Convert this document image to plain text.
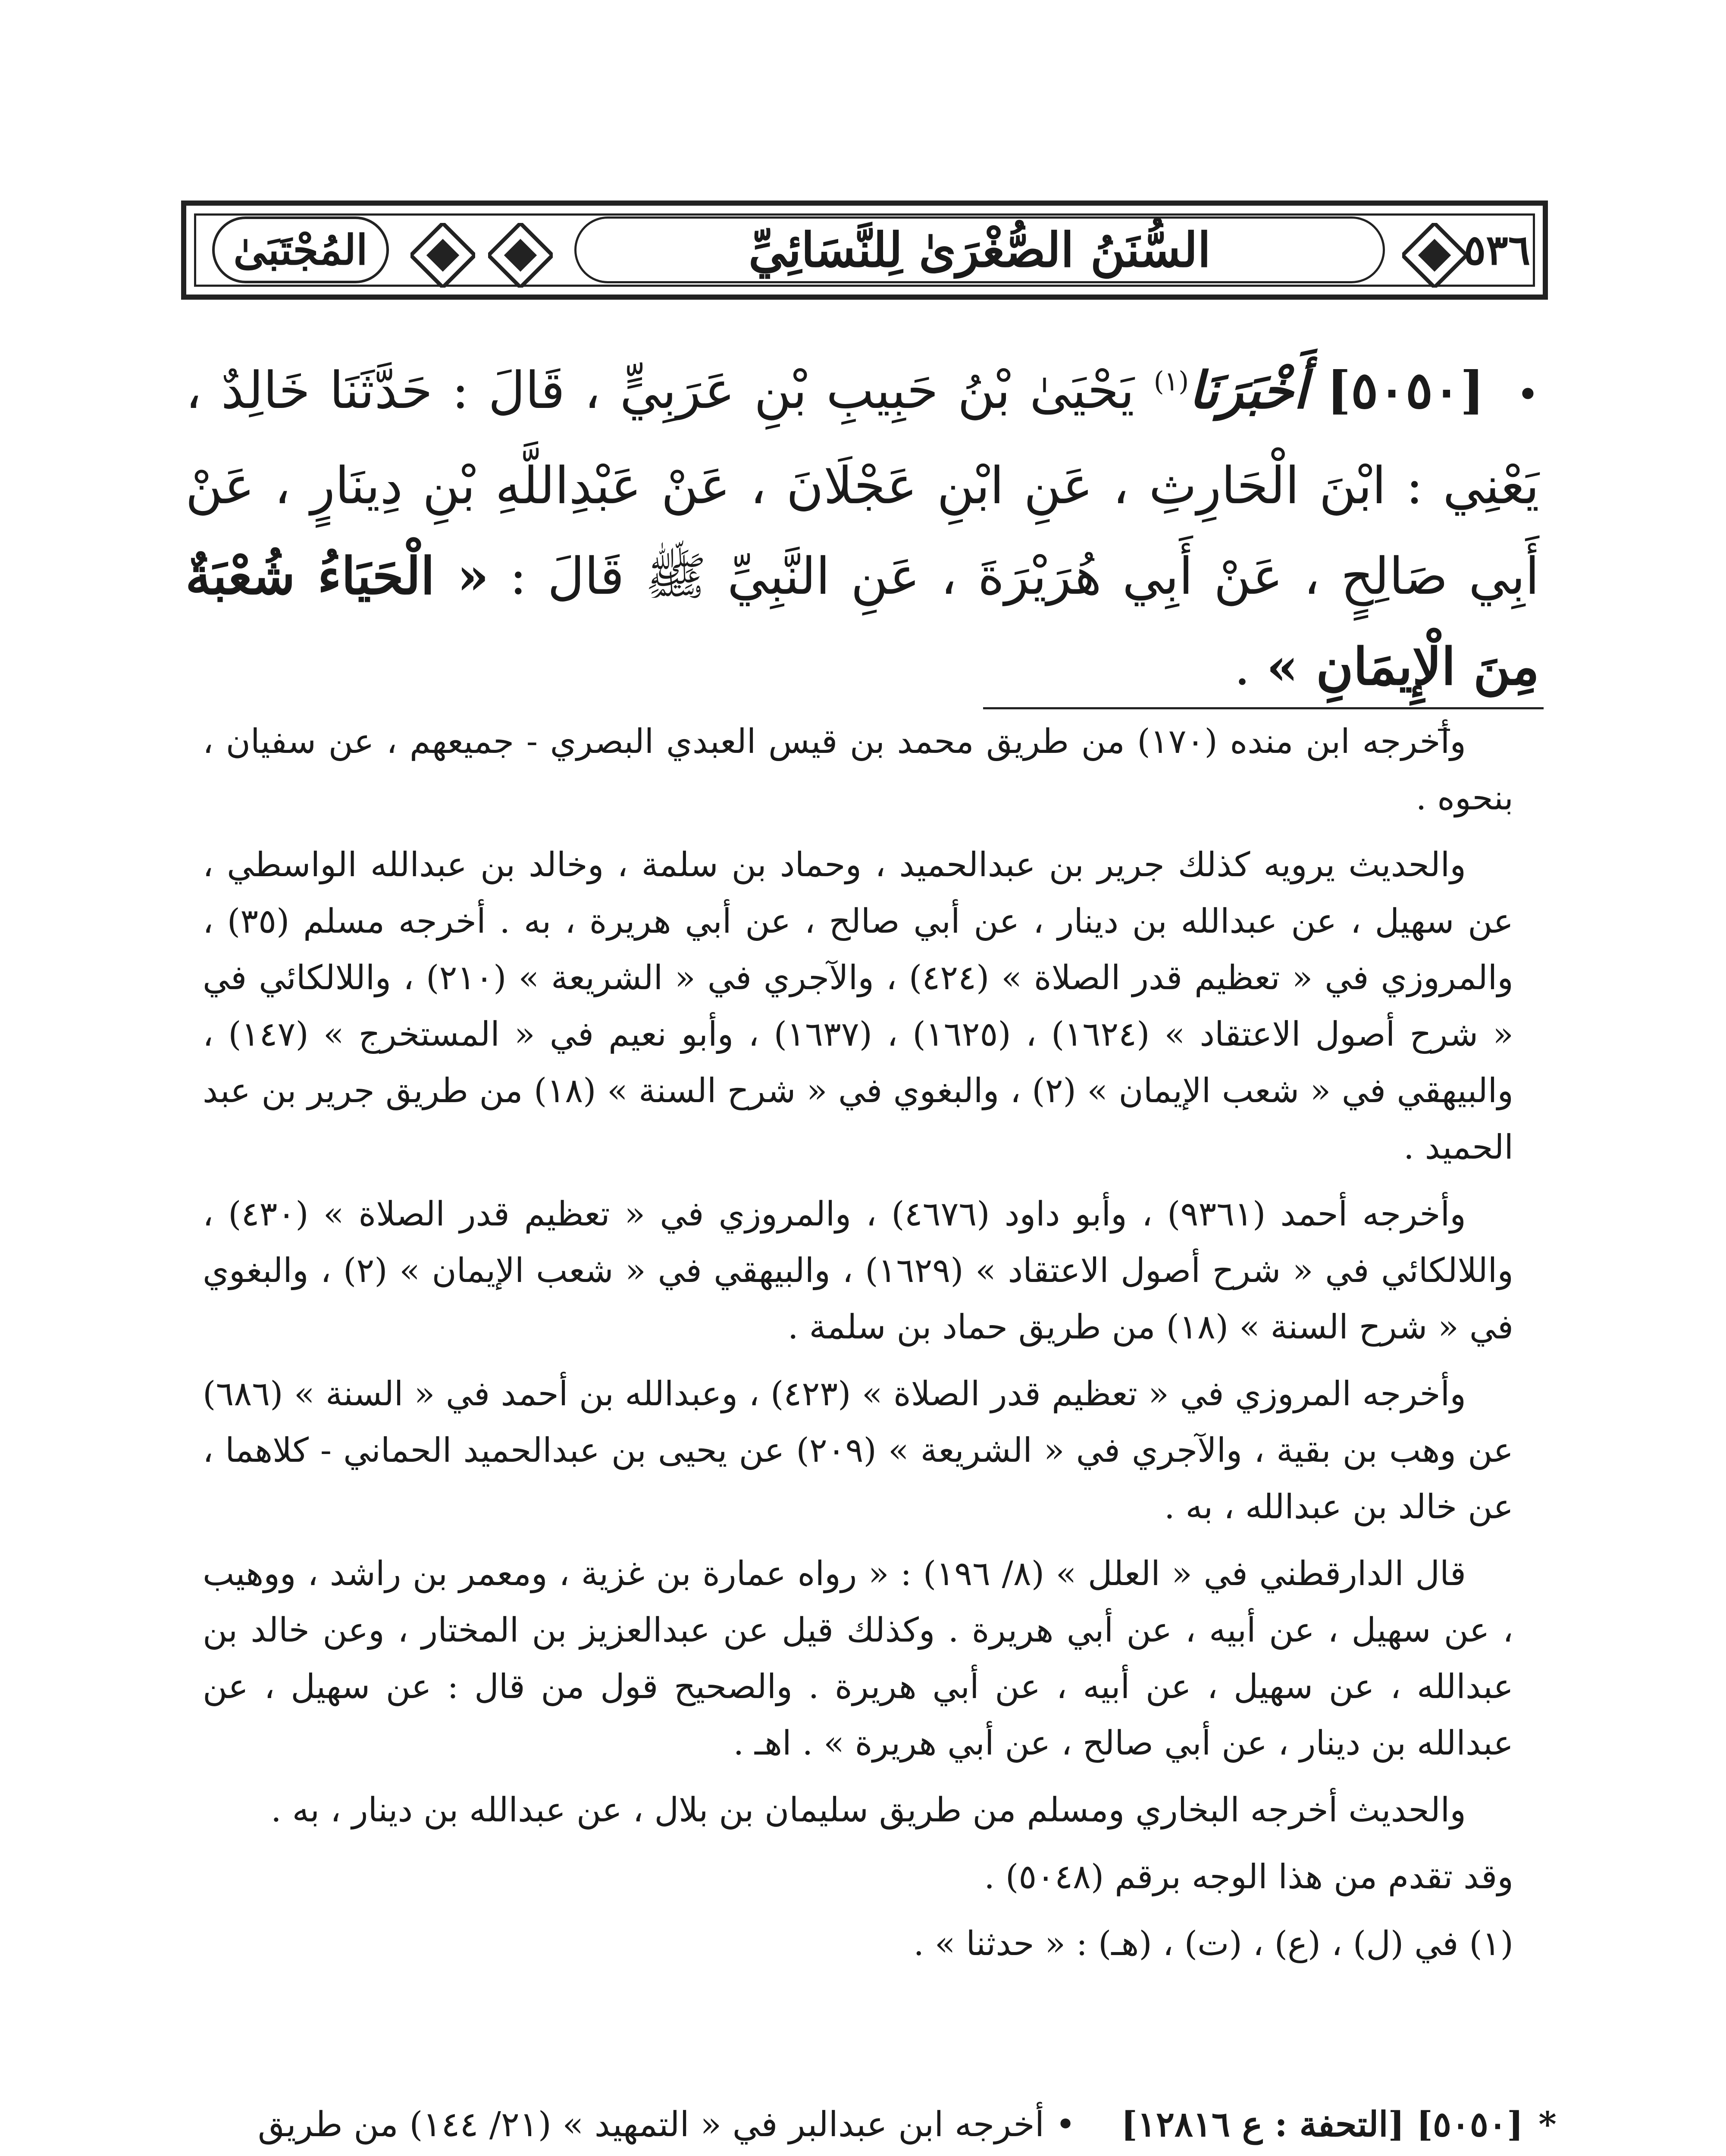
المُجْتَبَىٰ	السُّنَنُ الصُّغْرَىٰ لِلنَّسَائِيِّ	٥٣٦
• [٥٠٥٠] أَخْبَرَنَا$^{(١)}$ يَحْيَىٰ بْنُ حَبِيبِ بْنِ عَرَبِيٍّ ، قَالَ : حَدَّثَنَا خَالِدٌ ، يَعْنِي : ابْنَ الْحَارِثِ ، عَنِ ابْنِ عَجْلَانَ ، عَنْ عَبْدِاللَّهِ بْنِ دِينَارٍ ، عَنْ أَبِي صَالِحٍ ، عَنْ أَبِي هُرَيْرَةَ ، عَنِ النَّبِيِّ ﷺ قَالَ : « الْحَيَاءُ شُعْبَةٌ مِنَ الْإِيمَانِ » .

وأخرجه ابن منده (١٧٠) من طريق محمد بن قيس العبدي البصري - جميعهم ، عن سفيان ، بنحوه .

والحديث يرويه كذلك جرير بن عبدالحميد ، وحماد بن سلمة ، وخالد بن عبدالله الواسطي ، عن سهيل ، عن عبدالله بن دينار ، عن أبي صالح ، عن أبي هريرة ، به . أخرجه مسلم (٣٥) ، والمروزي في « تعظيم قدر الصلاة » (٤٢٤) ، والآجري في « الشريعة » (٢١٠) ، واللالكائي في « شرح أصول الاعتقاد » (١٦٢٤) ، (١٦٢٥) ، (١٦٣٧) ، وأبو نعيم في « المستخرج » (١٤٧) ، والبيهقي في « شعب الإيمان » (٢) ، والبغوي في « شرح السنة » (١٨) من طريق جرير بن عبد الحميد .

وأخرجه أحمد (٩٣٦١) ، وأبو داود (٤٦٧٦) ، والمروزي في « تعظيم قدر الصلاة » (٤٣٠) ، واللالكائي في « شرح أصول الاعتقاد » (١٦٢٩) ، والبيهقي في « شعب الإيمان » (٢) ، والبغوي في « شرح السنة » (١٨) من طريق حماد بن سلمة .

وأخرجه المروزي في « تعظيم قدر الصلاة » (٤٢٣) ، وعبدالله بن أحمد في « السنة » (٦٨٦) عن وهب بن بقية ، والآجري في « الشريعة » (٢٠٩) عن يحيى بن عبدالحميد الحماني - كلاهما ، عن خالد بن عبدالله ، به .

قال الدارقطني في « العلل » (٨/ ١٩٦) : « رواه عمارة بن غزية ، ومعمر بن راشد ، ووهيب ، عن سهيل ، عن أبيه ، عن أبي هريرة . وكذلك قيل عن عبدالعزيز بن المختار ، وعن خالد بن عبدالله ، عن سهيل ، عن أبيه ، عن أبي هريرة . والصحيح قول من قال : عن سهيل ، عن عبدالله بن دينار ، عن أبي صالح ، عن أبي هريرة » . اهـ .

والحديث أخرجه البخاري ومسلم من طريق سليمان بن بلال ، عن عبدالله بن دينار ، به .

وقد تقدم من هذا الوجه برقم (٥٠٤٨) .

(١) في (ل) ، (ع) ، (ت) ، (هـ) : « حدثنا » .

* [٥٠٥٠] [التحفة : ع ١٢٨١٦] • أخرجه ابن عبدالبر في « التمهيد » (٢١/ ١٤٤) من طريق
